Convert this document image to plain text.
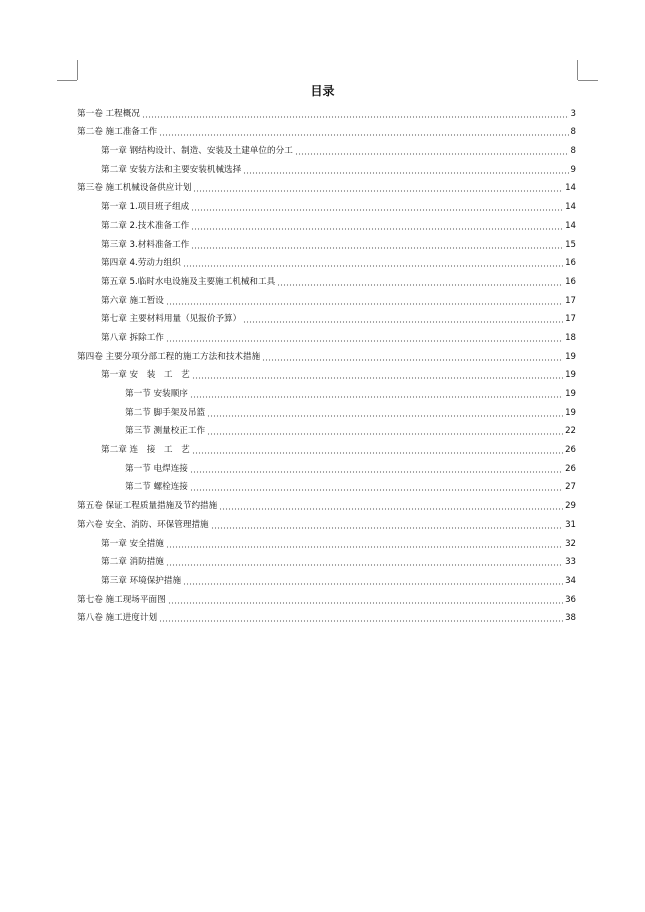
目录
第一卷 工程概况	3
第二卷 施工准备工作	8
第一章 钢结构设计、制造、安装及土建单位的分工	8
第二章 安装方法和主要安装机械选择	9
第三卷 施工机械设备供应计划	14
第一章 1.项目班子组成	14
第二章 2.技术准备工作	14
第三章 3.材料准备工作	15
第四章 4.劳动力组织	16
第五章 5.临时水电设施及主要施工机械和工具	16
第六章 施工暂设	17
第七章 主要材料用量（见报价予算）	17
第八章 拆除工作	18
第四卷 主要分项分部工程的施工方法和技术措施	19
第一章 安　装　工　艺	19
第一节 安装顺序	19
第二节 脚手架及吊篮	19
第三节 测量校正工作	22
第二章 连　接　工　艺	26
第一节 电焊连接	26
第二节 螺栓连接	27
第五卷 保证工程质量措施及节约措施	29
第六卷 安全、消防、环保管理措施	31
第一章 安全措施	32
第二章 消防措施	33
第三章 环境保护措施	34
第七卷 施工现场平面图	36
第八卷 施工进度计划	38
